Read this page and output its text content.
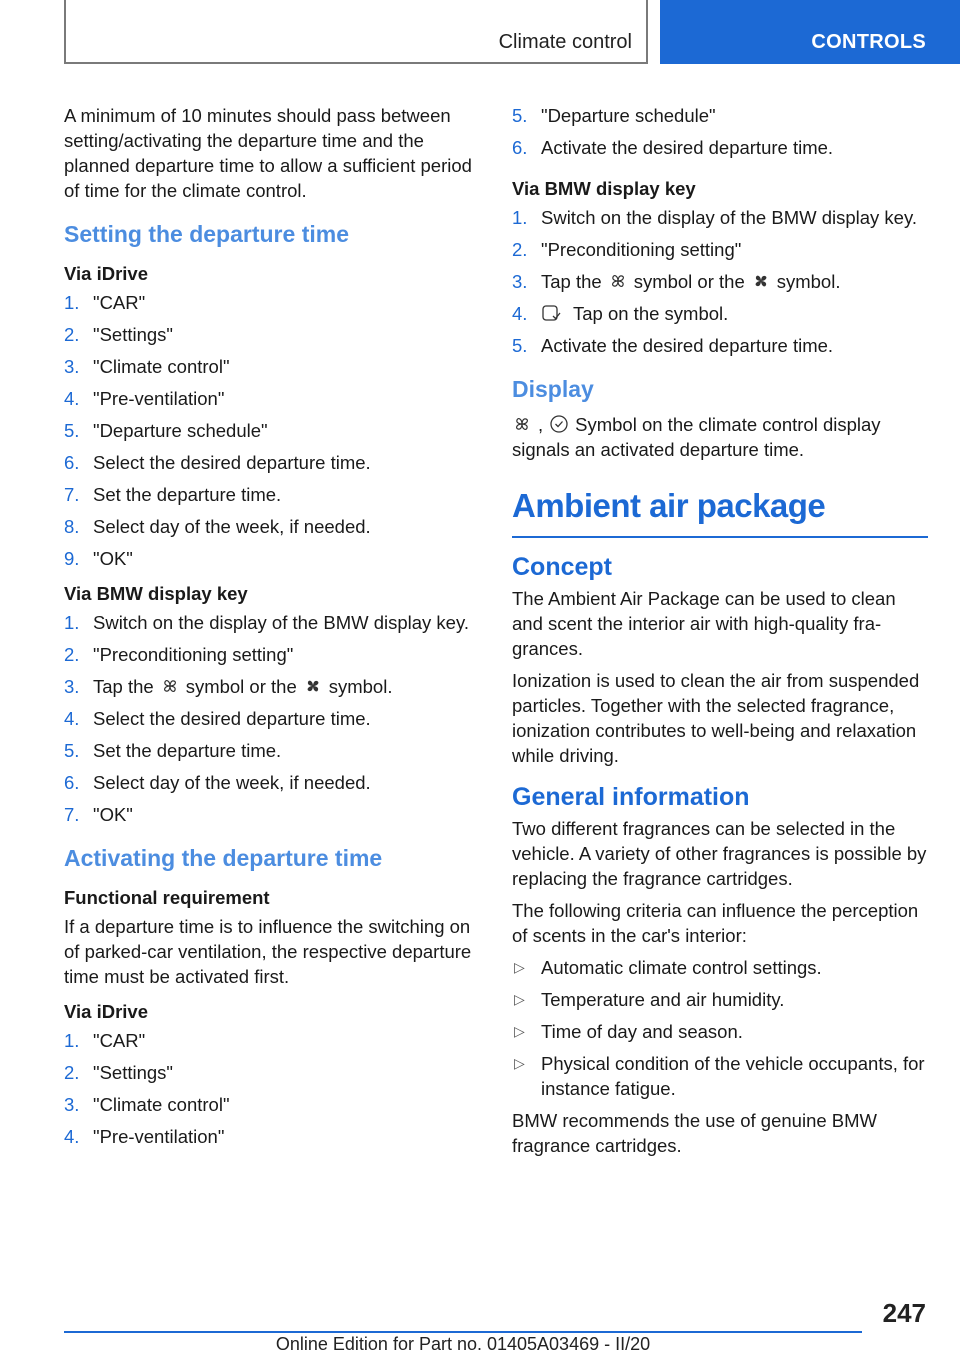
Climate control	CONTROLS

A minimum of 10 minutes should pass between setting/activating the departure time and the planned departure time to allow a sufficient period of time for the climate control.

Setting the departure time
Via iDrive
1. "CAR"
2. "Settings"
3. "Climate control"
4. "Pre-ventilation"
5. "Departure schedule"
6. Select the desired departure time.
7. Set the departure time.
8. Select day of the week, if needed.
9. "OK"
Via BMW display key
1. Switch on the display of the BMW display key.
2. "Preconditioning setting"
3. Tap the symbol or the symbol.
4. Select the desired departure time.
5. Set the departure time.
6. Select day of the week, if needed.
7. "OK"
Activating the departure time
Functional requirement

If a departure time is to influence the switching on of parked-car ventilation, the respective departure time must be activated first.

Via iDrive
1. "CAR"
2. "Settings"
3. "Climate control"
4. "Pre-ventilation"
5. "Departure schedule"
6. Activate the desired departure time.
Via BMW display key
1. Switch on the display of the BMW display key.
2. "Preconditioning setting"
3. Tap the symbol or the symbol.
4. Tap on the symbol.
5. Activate the desired departure time.
Display

, Symbol on the climate control display signals an activated departure time.

Ambient air package
Concept

The Ambient Air Package can be used to clean and scent the interior air with high-quality fragrances.

Ionization is used to clean the air from suspended particles. Together with the selected fragrance, ionization contributes to well-being and relaxation while driving.

General information

Two different fragrances can be selected in the vehicle. A variety of other fragrances is possible by replacing the fragrance cartridges.

The following criteria can influence the perception of scents in the car's interior:

▷ Automatic climate control settings.
▷ Temperature and air humidity.
▷ Time of day and season.
▷ Physical condition of the vehicle occupants, for instance fatigue.

BMW recommends the use of genuine BMW fragrance cartridges.

247
Online Edition for Part no. 01405A03469 - II/20
